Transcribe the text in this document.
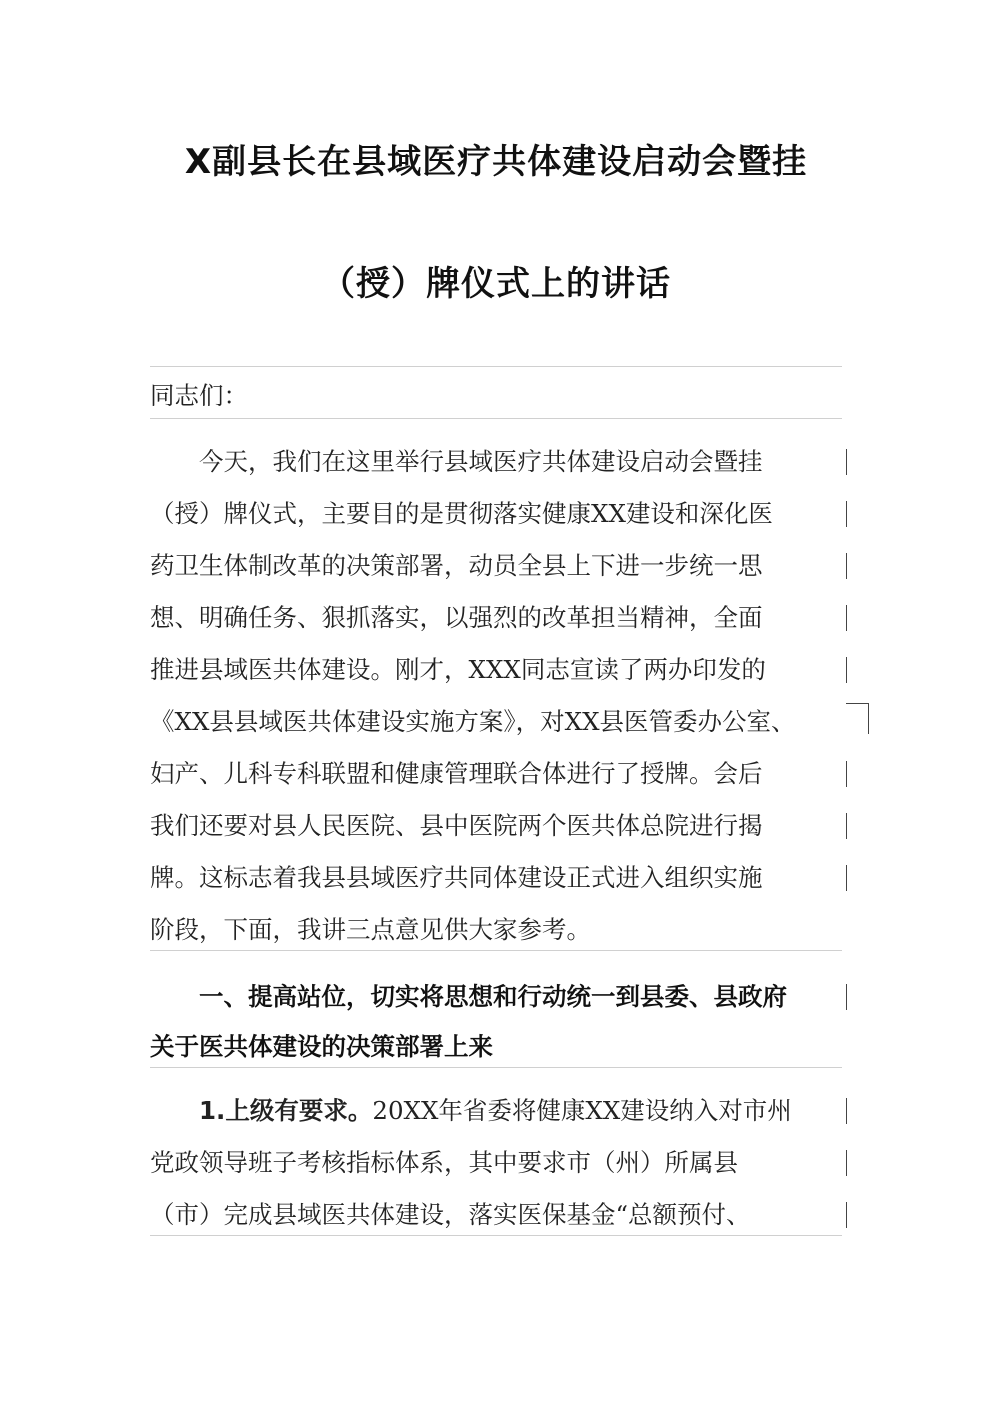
X副县长在县域医疗共体建设启动会暨挂
（授）牌仪式上的讲话
同志们：
　　今天，我们在这里举行县域医疗共体建设启动会暨挂
（授）牌仪式，主要目的是贯彻落实健康XX建设和深化医
药卫生体制改革的决策部署，动员全县上下进一步统一思
想、明确任务、狠抓落实，以强烈的改革担当精神，全面
推进县域医共体建设。刚才，XXX同志宣读了两办印发的
《XX县县域医共体建设实施方案》，对XX县医管委办公室、
妇产、儿科专科联盟和健康管理联合体进行了授牌。会后
我们还要对县人民医院、县中医院两个医共体总院进行揭
牌。这标志着我县县域医疗共同体建设正式进入组织实施
阶段，下面，我讲三点意见供大家参考。
　　一、提高站位，切实将思想和行动统一到县委、县政府
关于医共体建设的决策部署上来
　　1.上级有要求。20XX年省委将健康XX建设纳入对市州
党政领导班子考核指标体系，其中要求市（州）所属县
（市）完成县域医共体建设，落实医保基金“总额预付、
